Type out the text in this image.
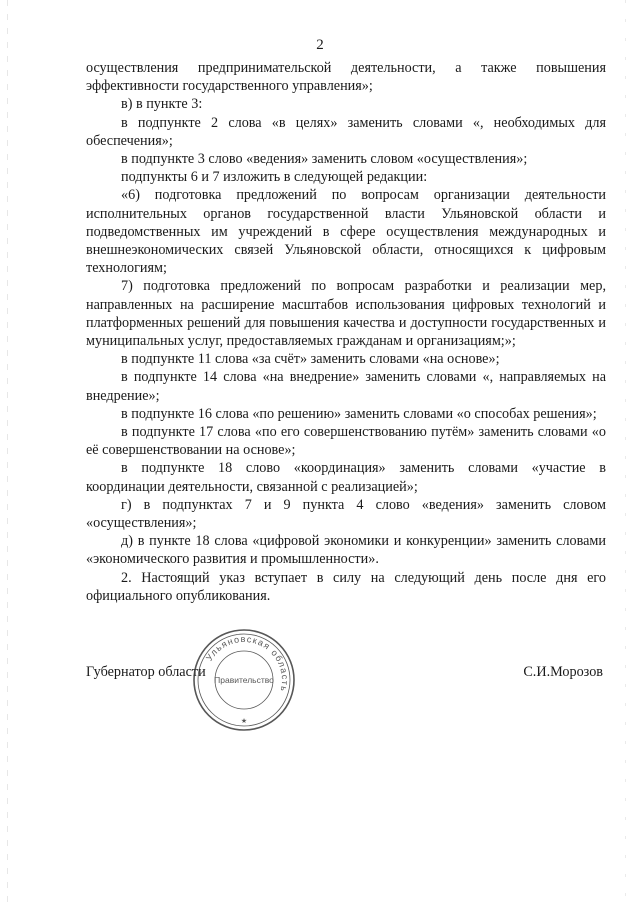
2

осуществления предпринимательской деятельности, а также повышения эффективности государственного управления»;

в) в пункте 3:

в подпункте 2 слова «в целях» заменить словами «, необходимых для обеспечения»;

в подпункте 3 слово «ведения» заменить словом «осуществления»;

подпункты 6 и 7 изложить в следующей редакции:

«6) подготовка предложений по вопросам организации деятельности исполнительных органов государственной власти Ульяновской области и подведомственных им учреждений в сфере осуществления международных и внешнеэкономических связей Ульяновской области, относящихся к цифровым технологиям;

7) подготовка предложений по вопросам разработки и реализации мер, направленных на расширение масштабов использования цифровых технологий и платформенных решений для повышения качества и доступности государственных и муниципальных услуг, предоставляемых гражданам и организациям;»;

в подпункте 11 слова «за счёт» заменить словами «на основе»;

в подпункте 14 слова «на внедрение» заменить словами «, направляемых на внедрение»;

в подпункте 16 слова «по решению» заменить словами «о способах решения»;

в подпункте 17 слова «по его совершенствованию путём» заменить словами «о её совершенствовании на основе»;

в подпункте 18 слово «координация» заменить словами «участие в координации деятельности, связанной с реализацией»;

г) в подпунктах 7 и 9 пункта 4 слово «ведения» заменить словом «осуществления»;

д) в пункте 18 слова «цифровой экономики и конкуренции» заменить словами «экономического развития и промышленности».

2. Настоящий указ вступает в силу на следующий день после дня его официального опубликования.

Губернатор области	С.И.Морозов
Ульяновская область
Правительство
★
